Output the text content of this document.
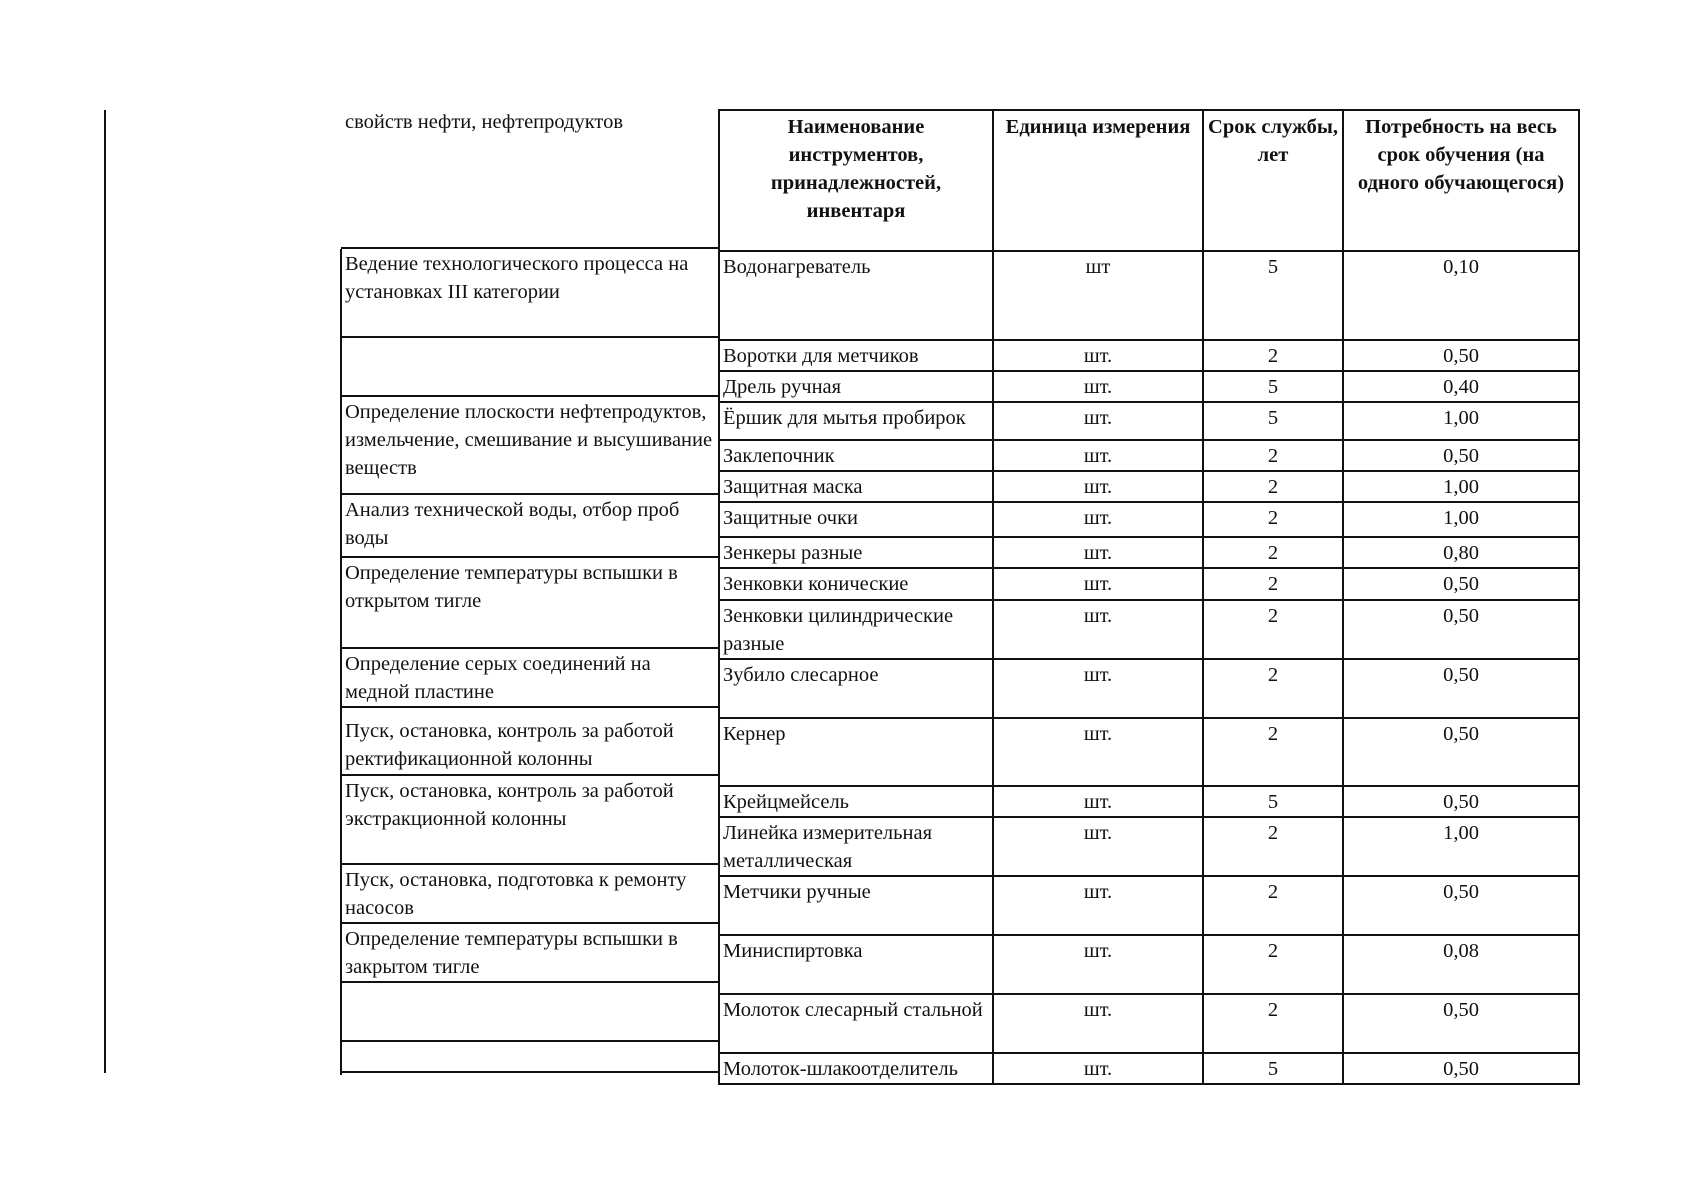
свойств нефти, нефтепродуктов
Ведение технологического процесса на установках III категории
Определение плоскости нефтепродуктов, измельчение, смешивание и высушивание веществ
Анализ технической воды, отбор проб воды
Определение температуры вспышки в открытом тигле
Определение серых соединений на медной пластине
Пуск, остановка, контроль за работой ректификационной колонны
Пуск, остановка, контроль за работой экстракционной колонны
Пуск, остановка, подготовка к ремонту насосов
Определение температуры вспышки в закрытом тигле
Наименование инструментов, принадлежностей, инвентаря	Единица измерения	Срок службы, лет	Потребность на весь срок обучения (на одного обучающегося)
Водонагреватель	шт	5	0,10
Воротки для метчиков	шт.	2	0,50
Дрель ручная	шт.	5	0,40
Ёршик для мытья пробирок	шт.	5	1,00
Заклепочник	шт.	2	0,50
Защитная маска	шт.	2	1,00
Защитные очки	шт.	2	1,00
Зенкеры разные	шт.	2	0,80
Зенковки конические	шт.	2	0,50
Зенковки цилиндрические разные	шт.	2	0,50
Зубило слесарное	шт.	2	0,50
Кернер	шт.	2	0,50
Крейцмейсель	шт.	5	0,50
Линейка измерительная металлическая	шт.	2	1,00
Метчики ручные	шт.	2	0,50
Миниспиртовка	шт.	2	0,08
Молоток слесарный стальной	шт.	2	0,50
Молоток-шлакоотделитель	шт.	5	0,50
